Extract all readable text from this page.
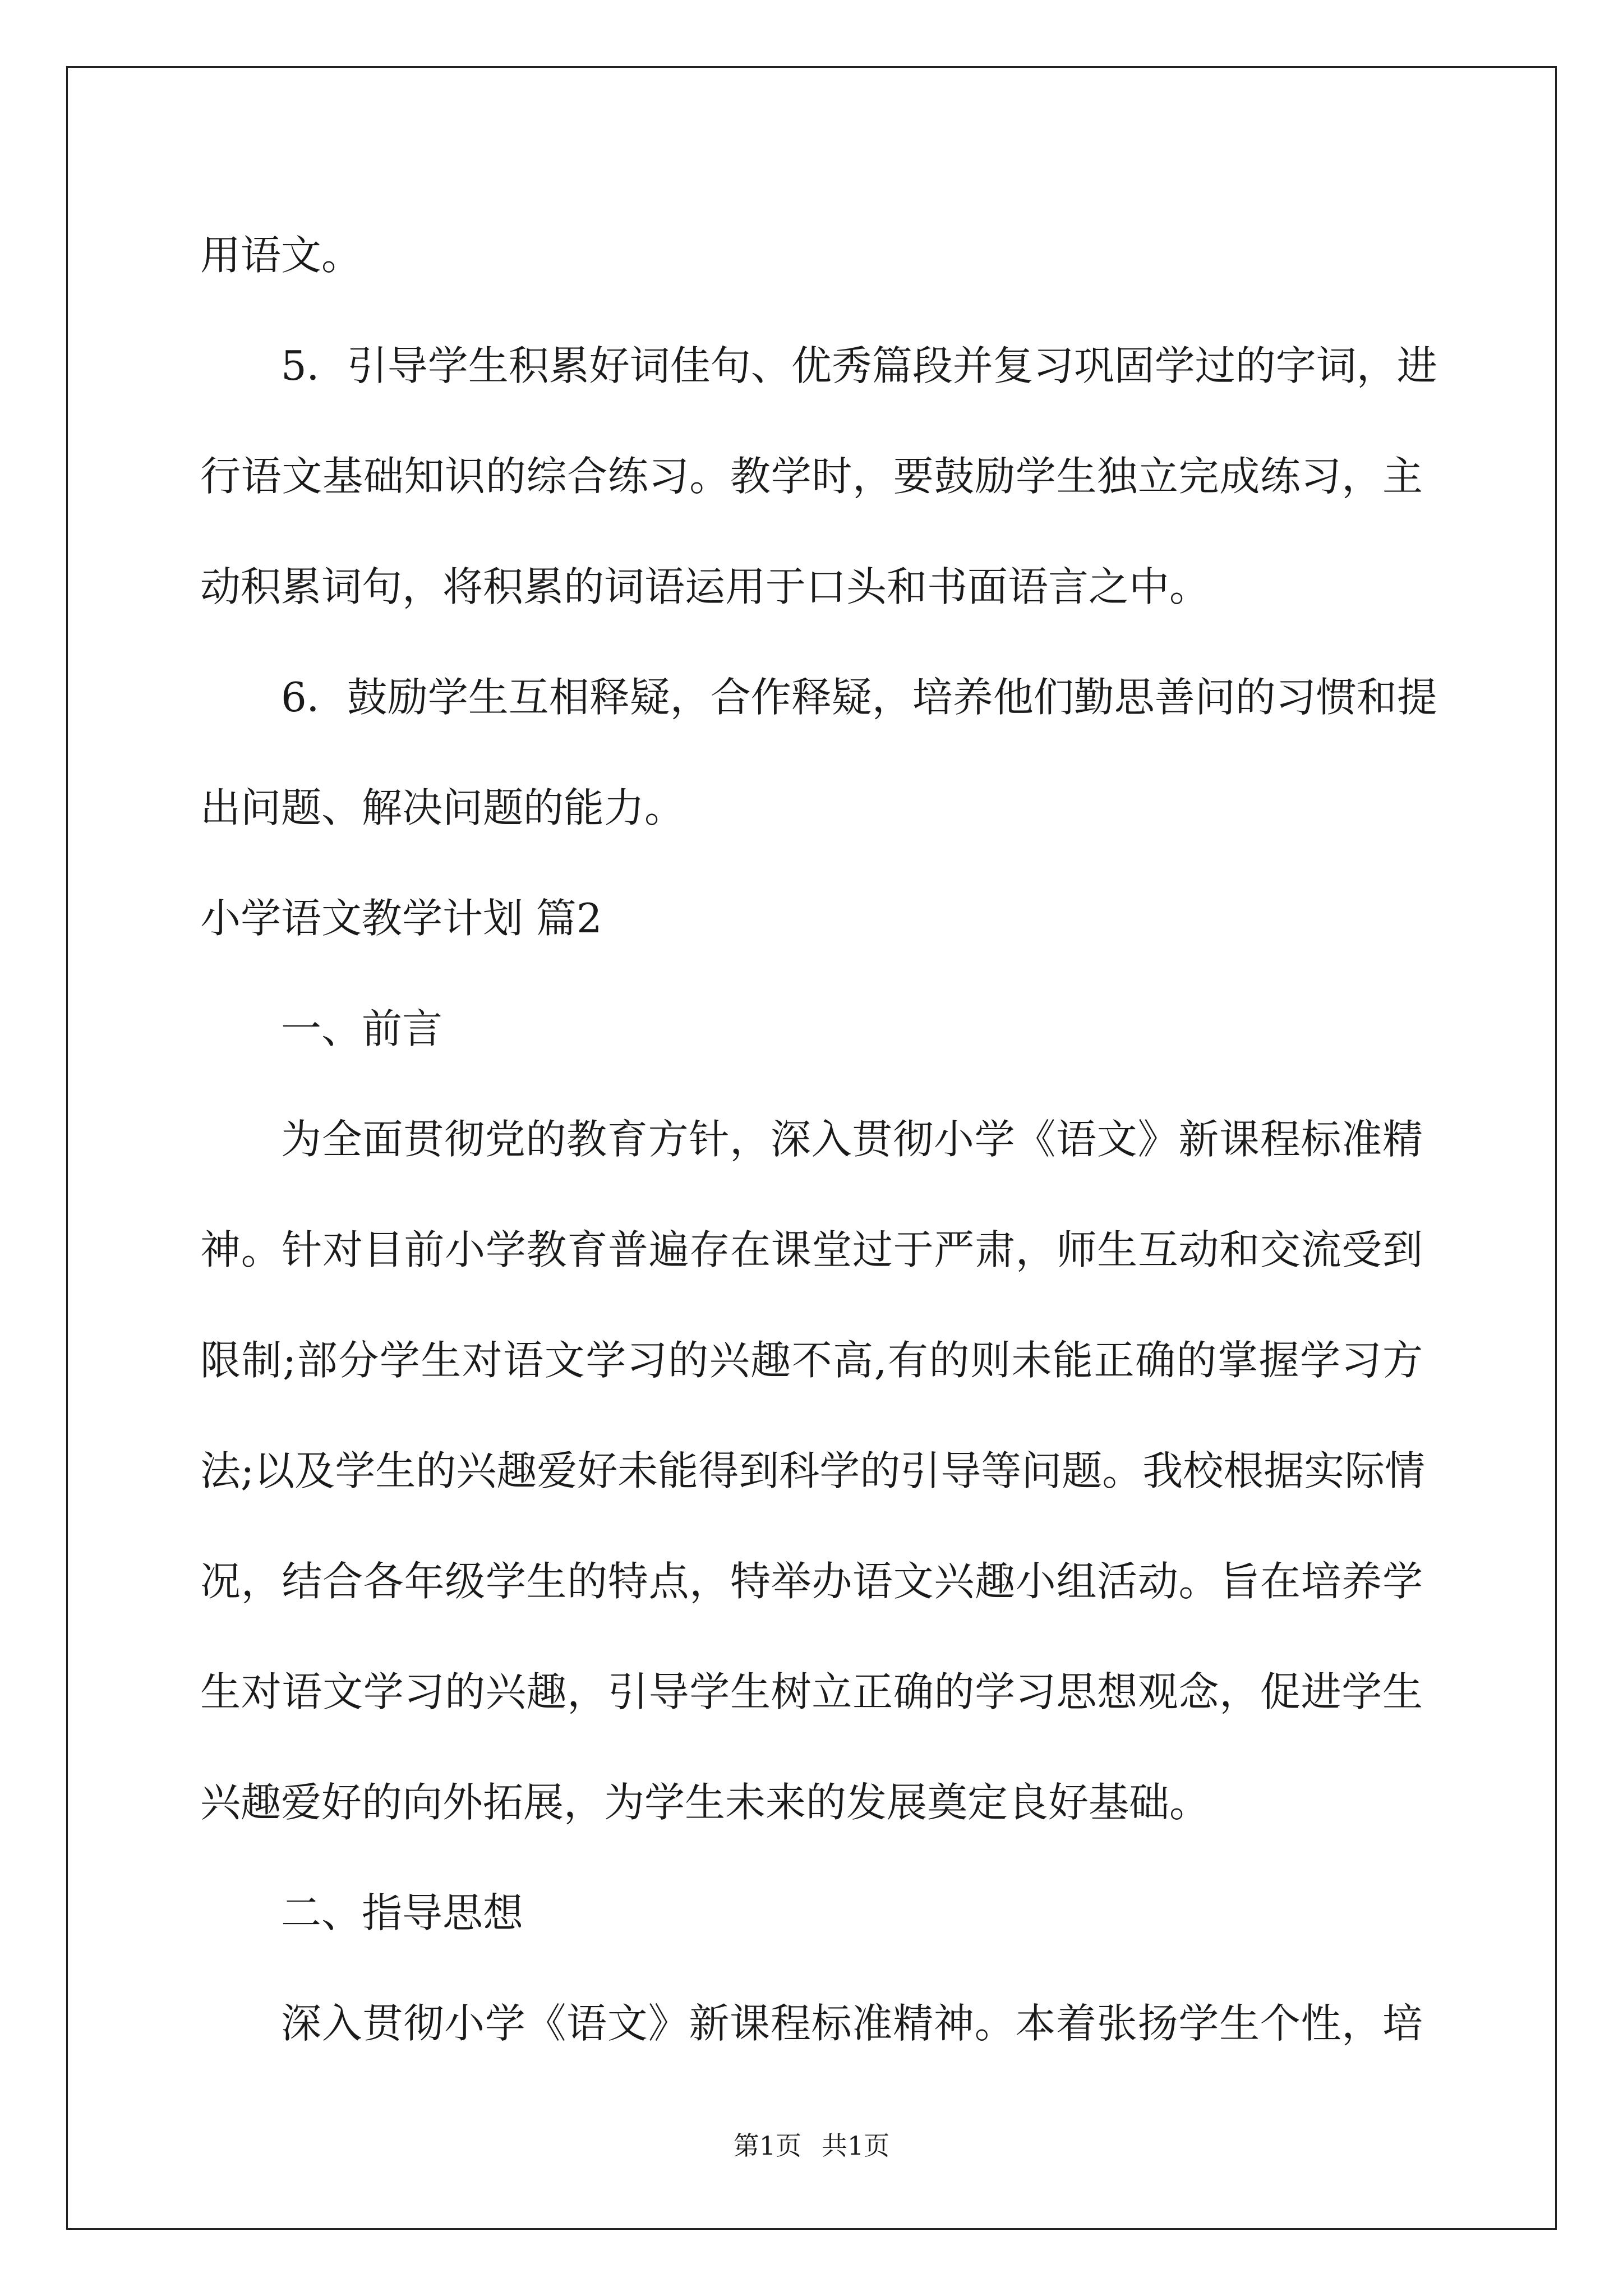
用语文。
5．引导学生积累好词佳句、优秀篇段并复习巩固学过的字词，进
行语文基础知识的综合练习。教学时，要鼓励学生独立完成练习，主
动积累词句，将积累的词语运用于口头和书面语言之中。
6．鼓励学生互相释疑，合作释疑，培养他们勤思善问的习惯和提
出问题、解决问题的能力。
小学语文教学计划 篇2
一、前言
为全面贯彻党的教育方针，深入贯彻小学《语文》新课程标准精
神。针对目前小学教育普遍存在课堂过于严肃，师生互动和交流受到
限制;部分学生对语文学习的兴趣不高,有的则未能正确的掌握学习方
法;以及学生的兴趣爱好未能得到科学的引导等问题。我校根据实际情
况，结合各年级学生的特点，特举办语文兴趣小组活动。旨在培养学
生对语文学习的兴趣，引导学生树立正确的学习思想观念，促进学生
兴趣爱好的向外拓展，为学生未来的发展奠定良好基础。
二、指导思想
深入贯彻小学《语文》新课程标准精神。本着张扬学生个性，培
第1页 共1页
